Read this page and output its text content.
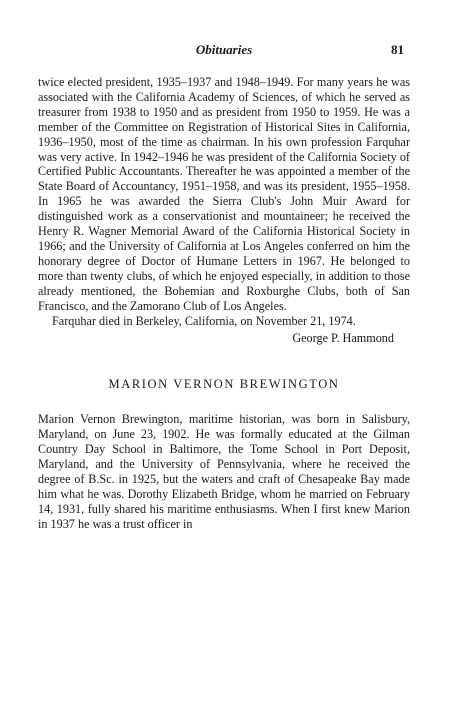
Obituaries	81

twice elected president, 1935–1937 and 1948–1949. For many years he was associated with the California Academy of Sciences, of which he served as treasurer from 1938 to 1950 and as president from 1950 to 1959. He was a member of the Committee on Registration of Historical Sites in California, 1936–1950, most of the time as chairman. In his own profession Farquhar was very active. In 1942–1946 he was president of the California Society of Certified Public Accountants. Thereafter he was appointed a member of the State Board of Accountancy, 1951–1958, and was its president, 1955–1958. In 1965 he was awarded the Sierra Club's John Muir Award for distinguished work as a conservationist and mountaineer; he received the Henry R. Wagner Memorial Award of the California Historical Society in 1966; and the University of California at Los Angeles conferred on him the honorary degree of Doctor of Humane Letters in 1967. He belonged to more than twenty clubs, of which he enjoyed especially, in addition to those already mentioned, the Bohemian and Roxburghe Clubs, both of San Francisco, and the Zamorano Club of Los Angeles.

Farquhar died in Berkeley, California, on November 21, 1974.

George P. Hammond
MARION VERNON BREWINGTON

Marion Vernon Brewington, maritime historian, was born in Salisbury, Maryland, on June 23, 1902. He was formally educated at the Gilman Country Day School in Baltimore, the Tome School in Port Deposit, Maryland, and the University of Pennsylvania, where he received the degree of B.Sc. in 1925, but the waters and craft of Chesapeake Bay made him what he was. Dorothy Elizabeth Bridge, whom he married on February 14, 1931, fully shared his maritime enthusiasms. When I first knew Marion in 1937 he was a trust officer in
